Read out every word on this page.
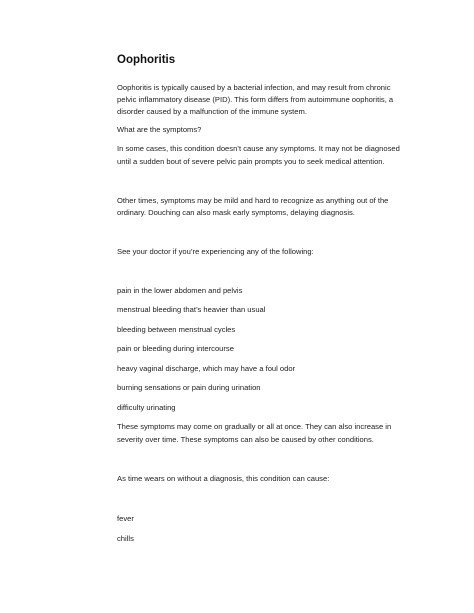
Oophoritis
Oophoritis is typically caused by a bacterial infection, and may result from chronic
pelvic inflammatory disease (PID). This form differs from autoimmune oophoritis, a
disorder caused by a malfunction of the immune system.
What are the symptoms?
In some cases, this condition doesn’t cause any symptoms. It may not be diagnosed
until a sudden bout of severe pelvic pain prompts you to seek medical attention.
Other times, symptoms may be mild and hard to recognize as anything out of the
ordinary. Douching can also mask early symptoms, delaying diagnosis.
See your doctor if you’re experiencing any of the following:
pain in the lower abdomen and pelvis
menstrual bleeding that’s heavier than usual
bleeding between menstrual cycles
pain or bleeding during intercourse
heavy vaginal discharge, which may have a foul odor
burning sensations or pain during urination
difficulty urinating
These symptoms may come on gradually or all at once. They can also increase in
severity over time. These symptoms can also be caused by other conditions.
As time wears on without a diagnosis, this condition can cause:
fever
chills
